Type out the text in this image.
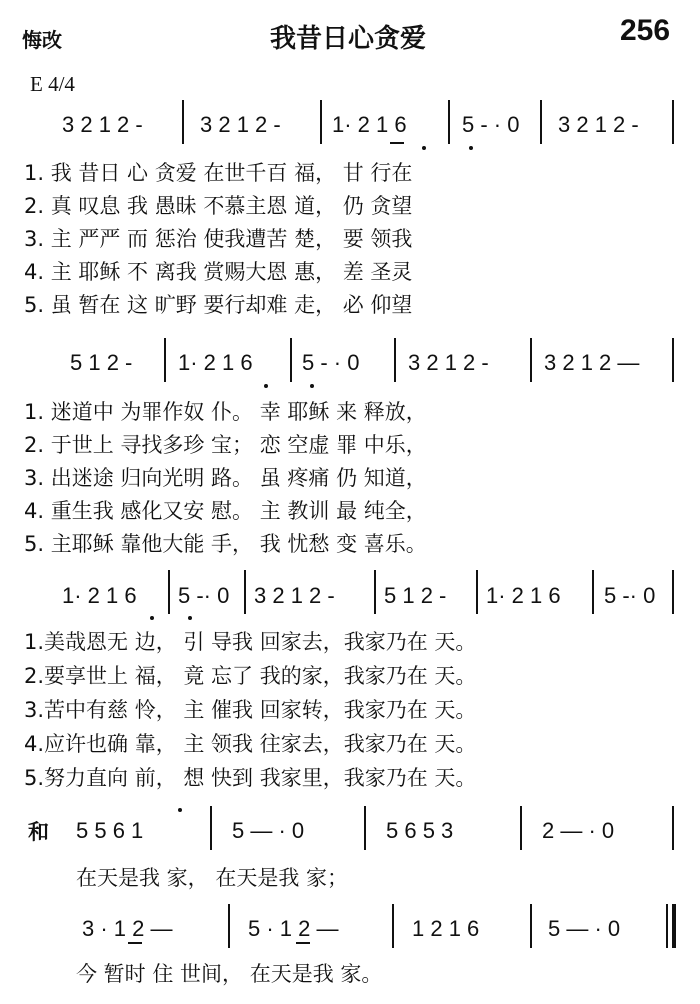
悔改	我昔日心贪爱	256
E 4/4
3 2 1 2 -	3 2 1 2 - 1· 2 1 6	5 - · 0 3 2 1 2 -
1. 我 昔日 心 贪爱 在世千百 福， 甘 行在
2. 真 叹息 我 愚昧 不慕主恩 道， 仍 贪望
3. 主 严严 而 惩治 使我遭苦 楚， 要 领我
4. 主 耶稣 不 离我 赏赐大恩 惠， 差 圣灵
5. 虽 暂在 这 旷野 要行却难 走， 必 仰望
5 1 2 - 1· 2 1 6 5 - · 0 3 2 1 2 -	3 2 1 2 —
1. 迷道中 为罪作奴 仆。 幸 耶稣 来 释放，
2. 于世上 寻找多珍 宝； 恋 空虚 罪 中乐，
3. 出迷途 归向光明 路。 虽 疼痛 仍 知道，
4. 重生我 感化又安 慰。 主 教训 最 纯全，
5. 主耶稣 靠他大能 手， 我 忧愁 变 喜乐。
1· 2 1 6 5 -· 0 3 2 1 2 - 5 1 2 - 1· 2 1 6 5 -· 0
1.美哉恩无 边， 引 导我 回家去，我家乃在 天。
2.要享世上 福， 竟 忘了 我的家，我家乃在 天。
3.苦中有慈 怜， 主 催我 回家转，我家乃在 天。
4.应许也确 靠， 主 领我 往家去，我家乃在 天。
5.努力直向 前， 想 快到 我家里，我家乃在 天。
和 5 5 6 1	5 — · 0	5 6 5 3	2 — · 0
在天是我 家， 在天是我 家；
3 · 1 2 —	5 · 1 2 —	1 2 1 6	5 — · 0
今 暂时 住 世间， 在天是我 家。
